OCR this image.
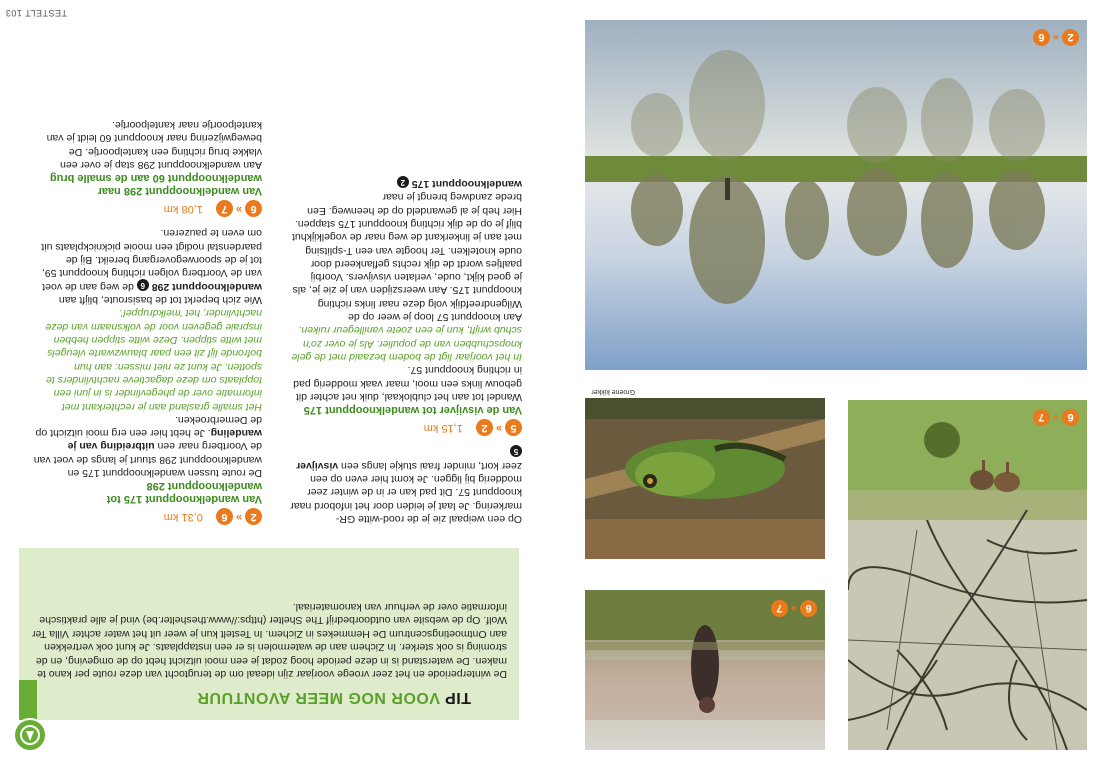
6
»
7
Groene kikker
6
»
7
2
»
6
TIP VOOR NOG MEER AVONTUUR
De winterperiode en het zeer vroege voorjaar zijn ideaal om de terugtocht van deze route per kano te maken. De waterstand is in deze periode hoog zodat je een mooi uitzicht hebt op de omgeving, en de stroming is ook sterker. In Zichem aan de watermolen is er een instapplaats. Je kunt ook vertrekken aan Ontmoetingscentrum De Hemmekes in Zichem. In Testelt kun je weer uit het water achter Villa Ter Wolf. Op de website van outdoorbedrijf The Shelter (https://www.theshelter.be) vind je alle praktische informatie over de verhuur van kanomateriaal.
TESTELT 103

Op een weipaal zie je de rood-witte GR-markering. Je laat je leiden door het infobord naar knooppunt 57. Dit pad kan er in de winter zeer modderig bij liggen. Je komt hier even op een zeer kort, minder fraai stukje langs een visvijver 5

5
»
2
1,15 km

Van de visvijver tot wandelknooppunt 175

Wandel tot aan het clublokaal, duik net achter dit gebouw links een mooi, maar vaak modderig pad in richting knooppunt 57.

In het voorjaar ligt de bodem bezaaid met de gele knopschubben van de populier. Als je over zo'n schub wrijft, kun je een zoete vanillegeur ruiken.

Aan knooppunt 57 loop je weer op de Wilgendreefdijk volg deze naar links richting knooppunt 175. Aan weerszijden van je zie je, als je goed kijkt, oude, verlaten visvijvers. Voorbij paaltjes wordt de dijk rechts geflankeerd door oude knotelken. Ter hoogte van een T-splitsing met aan je linkerkant de weg naar de vogelkijkhut blijf je op de dijk richting knooppunt 175 stappen. Hier heb je al gewandeld op de heenweg. Een brede zandweg brengt je naar wandelknooppunt 175 2

2
»
6
0,31 km

Van wandelknooppunt 175 tot wandelknooppunt 298

De route tussen wandelknooppunt 175 en wandelknooppunt 298 stuurt je langs de voet van de Voortberg naar een uitbreiding van je wandeling. Je hebt hier een erg mooi uitzicht op de Demerbroeken.

Het smalle grasland aan je rechterkant met informatie over de phegevlinder is in juni een topplaats om deze dagactieve nachtvlinders te spotten. Je kunt ze niet missen: aan hun bofronde lijf zit een paar blauwzwarte vleugels met witte stippen. Deze witte stippen hebben inspraie gegeven voor de volksnaam van deze nachtvlinder, het 'melkdruppel'.

Wie zich beperkt tot de basisroute, blijft aan wandelknooppunt 298 6 de weg aan de voet van de Voortberg volgen richting knooppunt 59, tot je de spoorwegovergang bereikt. Bij de paardenstal nodigt een mooie picknickplaats uit om even te pauzeren.

6
»
7
1,08 km

Van wandelknooppunt 298 naar wandelknooppunt 60 aan de smalle brug

Aan wandelknooppunt 298 stap je over een vlakke brug richting een kantelpoortje. De bewegwijzering naar knooppunt 60 leidt je van kantelpoortje naar kantelpoortje.
